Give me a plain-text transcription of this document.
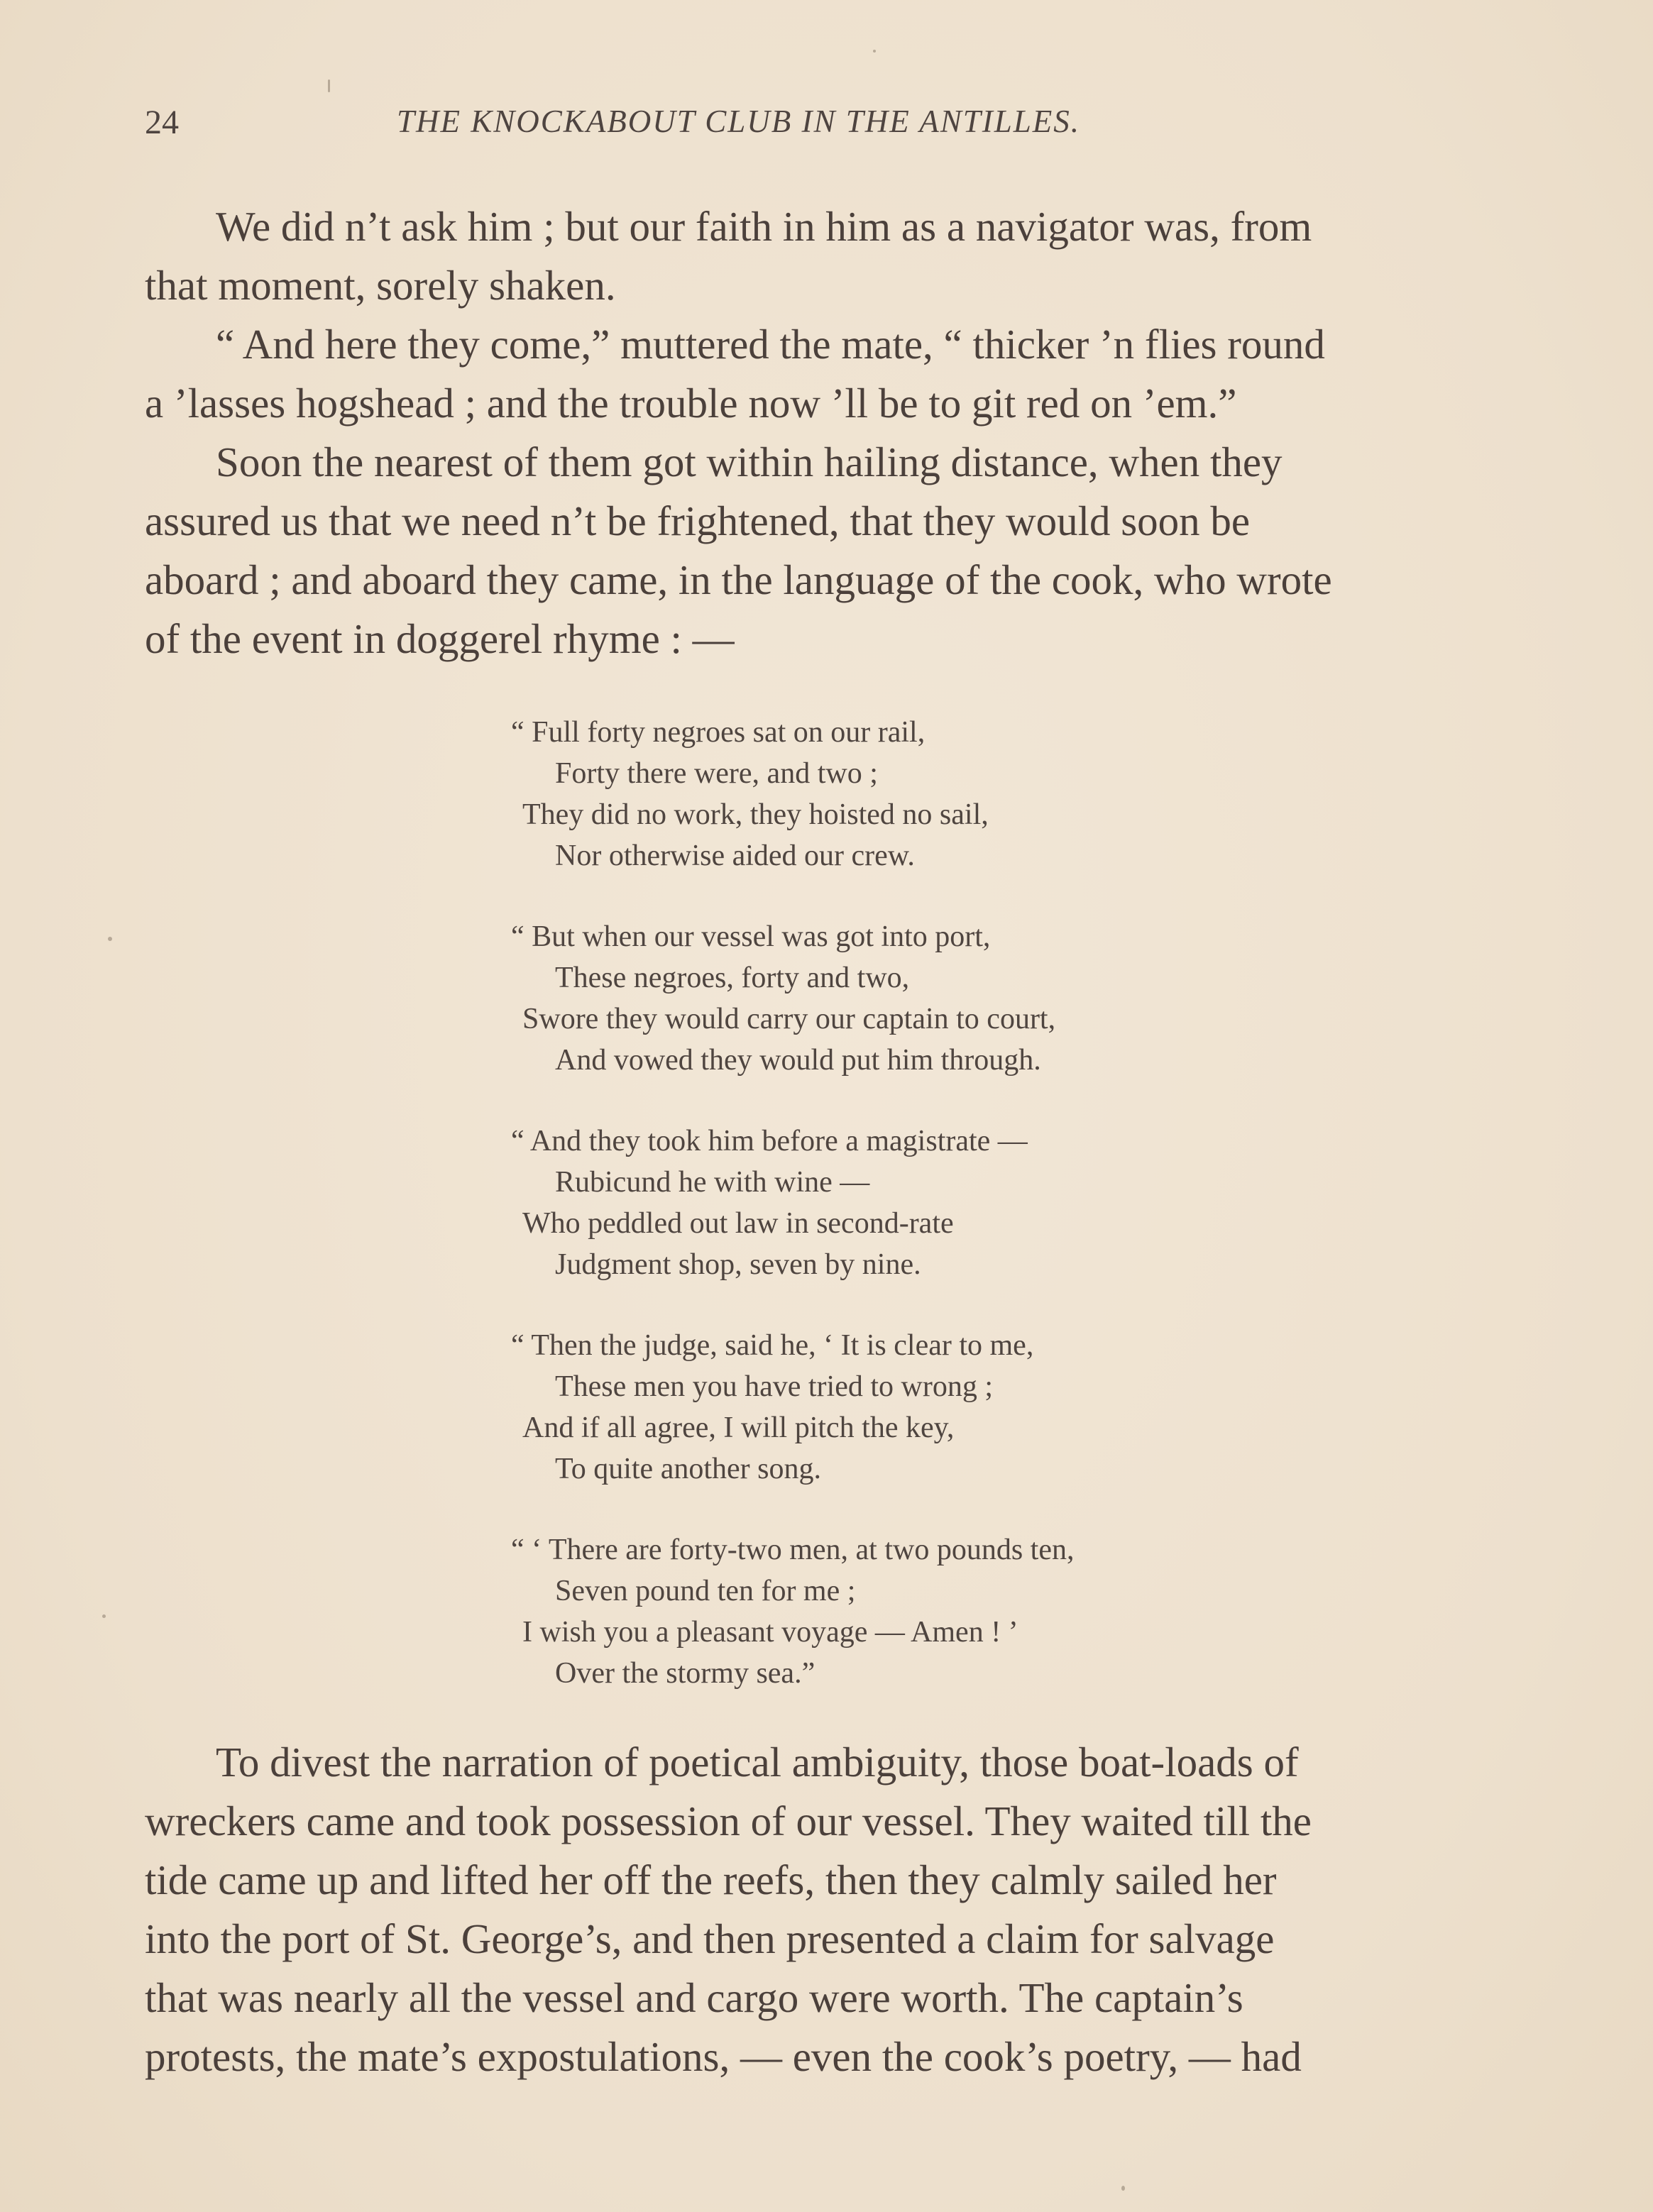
24	THE KNOCKABOUT CLUB IN THE ANTILLES.

We did n’t ask him ; but our faith in him as a navigator was, from
that moment, sorely shaken.

“ And here they come,” muttered the mate, “ thicker ’n flies round
a ’lasses hogshead ; and the trouble now ’ll be to git red on ’em.”

Soon the nearest of them got within hailing distance, when they
assured us that we need n’t be frightened, that they would soon be
aboard ; and aboard they came, in the language of the cook, who wrote
of the event in doggerel rhyme : —

“ Full forty negroes sat on our rail,
Forty there were, and two ;
They did no work, they hoisted no sail,
Nor otherwise aided our crew.
“ But when our vessel was got into port,
These negroes, forty and two,
Swore they would carry our captain to court,
And vowed they would put him through.
“ And they took him before a magistrate —
Rubicund he with wine —
Who peddled out law in second-rate
Judgment shop, seven by nine.
“ Then the judge, said he, ‘ It is clear to me,
These men you have tried to wrong ;
And if all agree, I will pitch the key,
To quite another song.
“ ‘ There are forty-two men, at two pounds ten,
Seven pound ten for me ;
I wish you a pleasant voyage — Amen ! ’
Over the stormy sea.”

To divest the narration of poetical ambiguity, those boat-loads of
wreckers came and took possession of our vessel. They waited till the
tide came up and lifted her off the reefs, then they calmly sailed her
into the port of St. George’s, and then presented a claim for salvage
that was nearly all the vessel and cargo were worth. The captain’s
protests, the mate’s expostulations, — even the cook’s poetry, — had
